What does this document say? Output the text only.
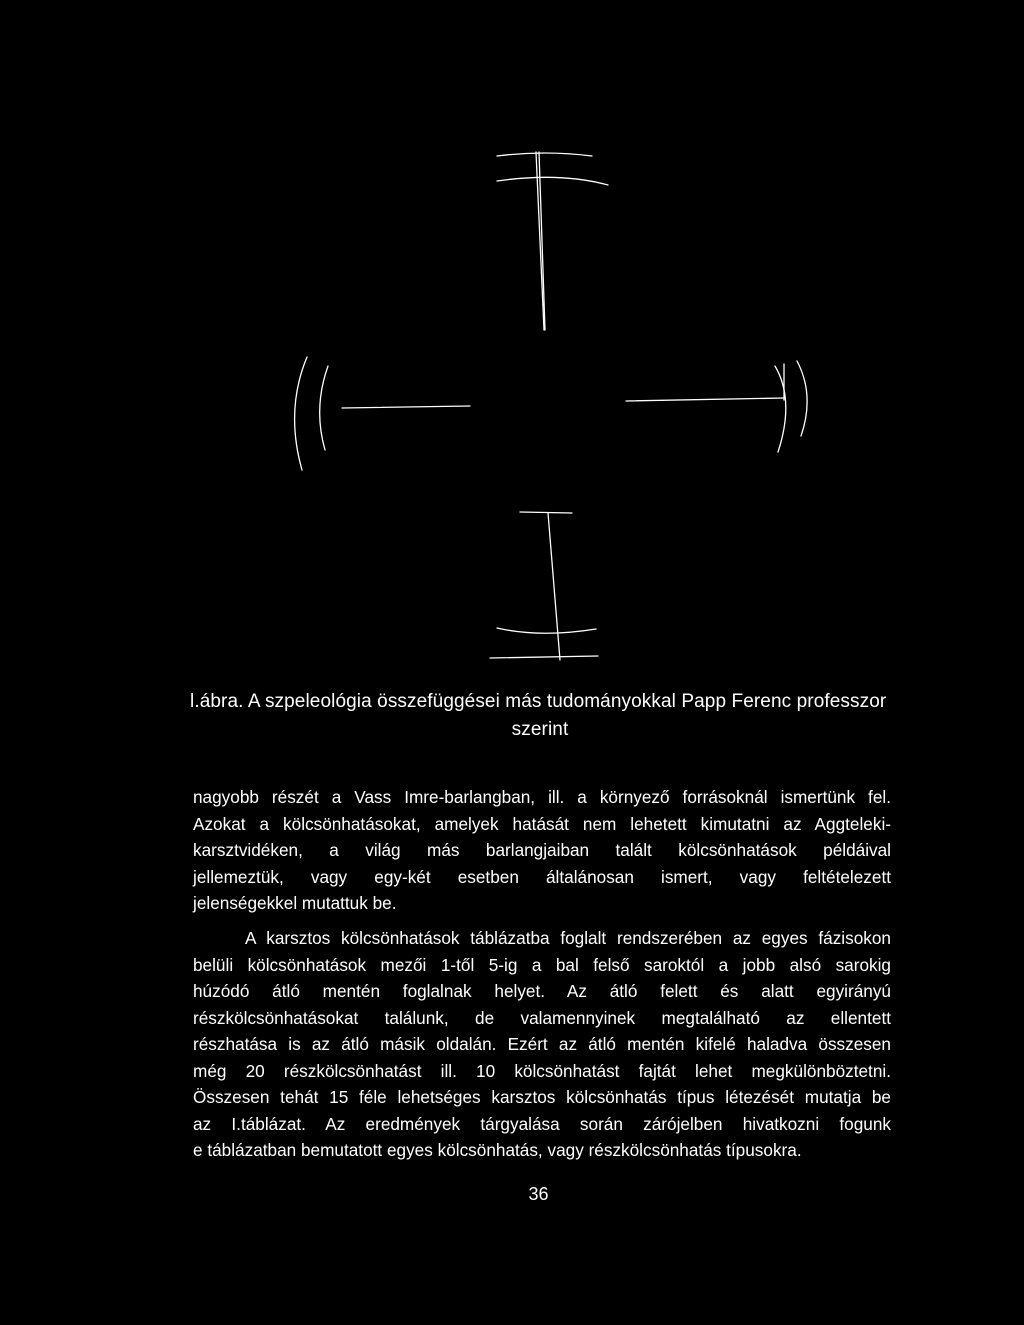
l.ábra. A szpeleológia összefüggései más tudományokkal Papp Ferenc professzor
szerint

nagyobb részét a Vass Imre-barlangban, ill. a környező forrásoknál ismertünk fel.
Azokat a kölcsönhatásokat, amelyek hatását nem lehetett kimutatni az Aggteleki-
karsztvidéken, a világ más barlangjaiban talált kölcsönhatások példáival
jellemeztük, vagy egy-két esetben általánosan ismert, vagy feltételezett
jelenségekkel mutattuk be.

A karsztos kölcsönhatások táblázatba foglalt rendszerében az egyes fázisokon
belüli kölcsönhatások mezői 1-től 5-ig a bal felső saroktól a jobb alsó sarokig
húzódó átló mentén foglalnak helyet. Az átló felett és alatt egyirányú
részkölcsönhatásokat találunk, de valamennyinek megtalálható az ellentett
részhatása is az átló másik oldalán. Ezért az átló mentén kifelé haladva összesen
még 20 részkölcsönhatást ill. 10 kölcsönhatást fajtát lehet megkülönböztetni.
Összesen tehát 15 féle lehetséges karsztos kölcsönhatás típus létezését mutatja be
az I.táblázat. Az eredmények tárgyalása során zárójelben hivatkozni fogunk
e táblázatban bemutatott egyes kölcsönhatás, vagy részkölcsönhatás típusokra.

36
